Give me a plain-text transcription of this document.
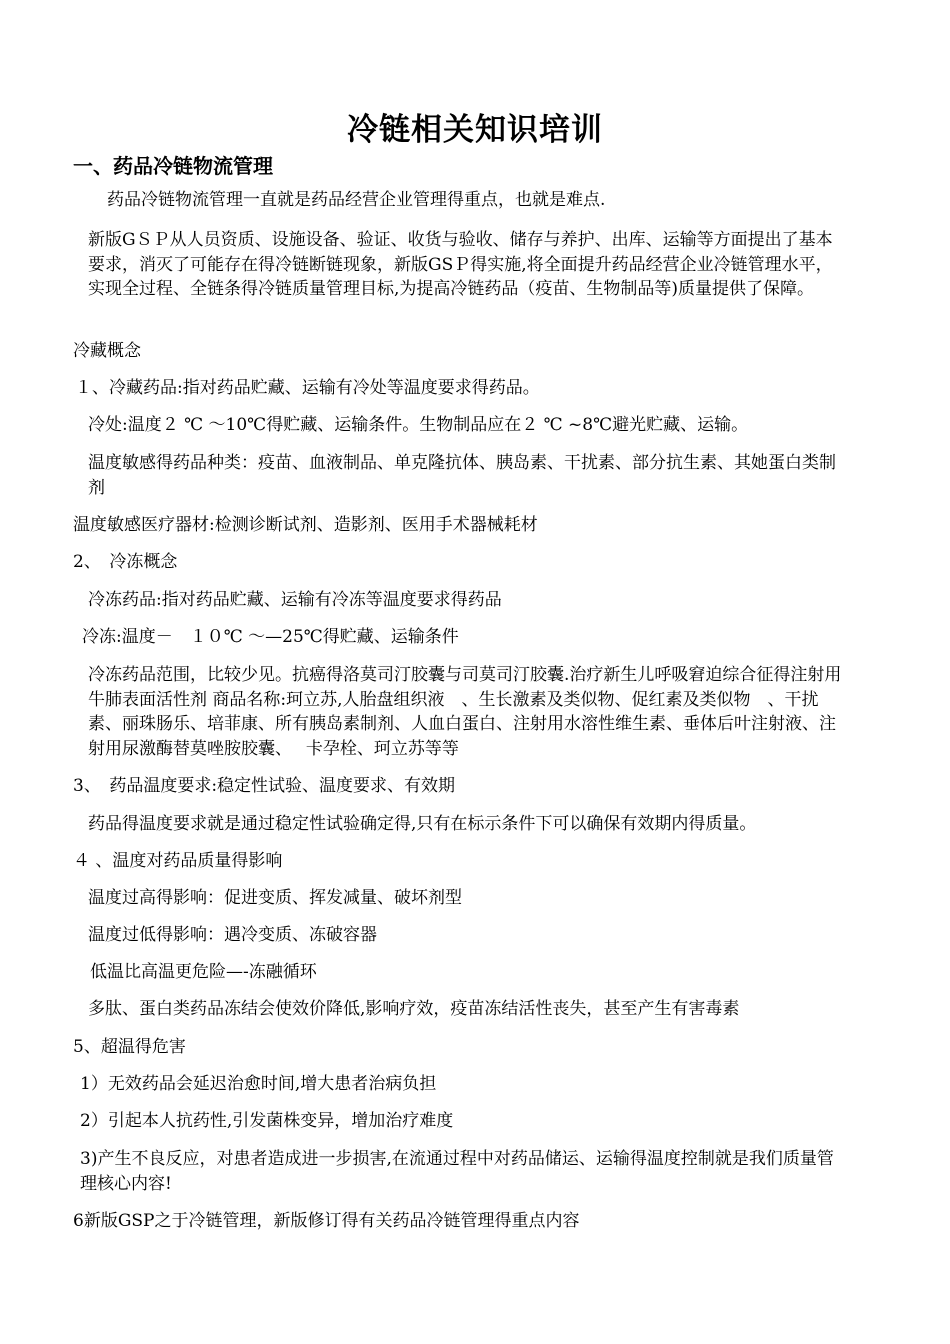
冷链相关知识培训
一、药品冷链物流管理
药品冷链物流管理一直就是药品经营企业管理得重点，也就是难点.
新版GＳＰ从人员资质、设施设备、验证、收货与验收、储存与养护、出库、运输等方面提出了基本要求，消灭了可能存在得冷链断链现象，新版GSＰ得实施,将全面提升药品经营企业冷链管理水平，实现全过程、全链条得冷链质量管理目标,为提高冷链药品（疫苗、生物制品等)质量提供了保障。
冷藏概念
１、冷藏药品:指对药品贮藏、运输有冷处等温度要求得药品。
冷处:温度２ ℃ ～10℃得贮藏、运输条件。生物制品应在２ ℃ ~8℃避光贮藏、运输。
温度敏感得药品种类：疫苗、血液制品、单克隆抗体、胰岛素、干扰素、部分抗生素、其她蛋白类制剂
温度敏感医疗器材:检测诊断试剂、造影剂、医用手术器械耗材
2、　冷冻概念
冷冻药品:指对药品贮藏、运输有冷冻等温度要求得药品
冷冻:温度－　１０℃ ～—25℃得贮藏、运输条件
冷冻药品范围，比较少见。抗癌得洛莫司汀胶囊与司莫司汀胶囊.治疗新生儿呼吸窘迫综合征得注射用牛肺表面活性剂 商品名称:珂立苏,人胎盘组织液　、生长激素及类似物、促红素及类似物　、干扰素、丽珠肠乐、培菲康、所有胰岛素制剂、人血白蛋白、注射用水溶性维生素、垂体后叶注射液、注射用尿激酶替莫唑胺胶囊、　 卡孕栓、珂立苏等等
3、　药品温度要求:稳定性试验、温度要求、有效期
药品得温度要求就是通过稳定性试验确定得,只有在标示条件下可以确保有效期内得质量。
４ 、温度对药品质量得影响
温度过高得影响：促进变质、挥发减量、破坏剂型
温度过低得影响：遇冷变质、冻破容器
低温比高温更危险—-冻融循环
多肽、蛋白类药品冻结会使效价降低,影响疗效，疫苗冻结活性丧失，甚至产生有害毒素
5、超温得危害
1）无效药品会延迟治愈时间,增大患者治病负担
2）引起本人抗药性,引发菌株变异，增加治疗难度
3)产生不良反应，对患者造成进一步损害,在流通过程中对药品储运、运输得温度控制就是我们质量管理核心内容!
6新版GSP之于冷链管理，新版修订得有关药品冷链管理得重点内容
